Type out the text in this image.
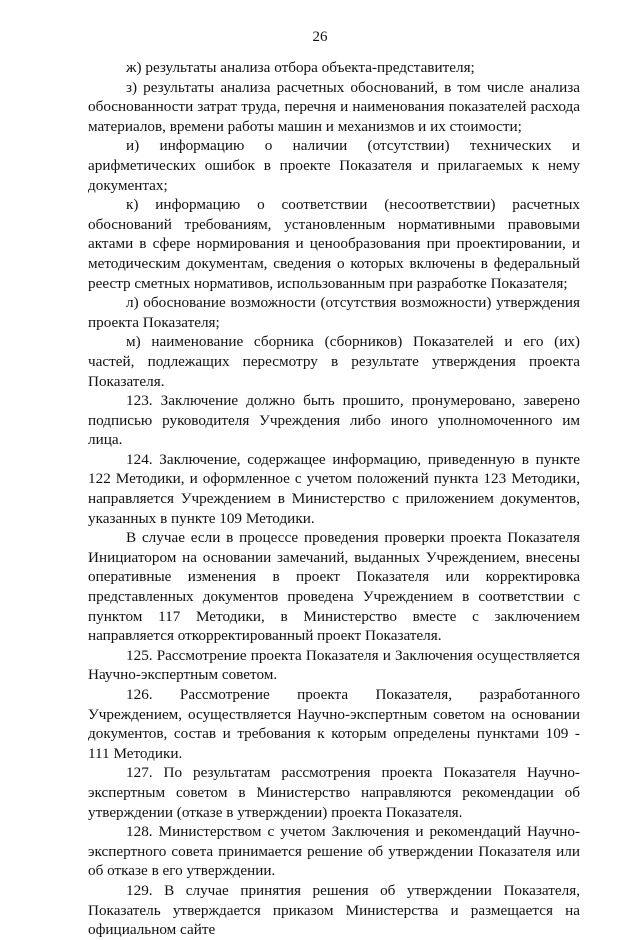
26

ж) результаты анализа отбора объекта-представителя;

з) результаты анализа расчетных обоснований, в том числе анализа обоснованности затрат труда, перечня и наименования показателей расхода материалов, времени работы машин и механизмов и их стоимости;

и) информацию о наличии (отсутствии) технических и арифметических ошибок в проекте Показателя и прилагаемых к нему документах;

к) информацию о соответствии (несоответствии) расчетных обоснований требованиям, установленным нормативными правовыми актами в сфере нормирования и ценообразования при проектировании, и методическим документам, сведения о которых включены в федеральный реестр сметных нормативов, использованным при разработке Показателя;

л) обоснование возможности (отсутствия возможности) утверждения проекта Показателя;

м) наименование сборника (сборников) Показателей и его (их) частей, подлежащих пересмотру в результате утверждения проекта Показателя.

123. Заключение должно быть прошито, пронумеровано, заверено подписью руководителя Учреждения либо иного уполномоченного им лица.

124. Заключение, содержащее информацию, приведенную в пункте 122 Методики, и оформленное с учетом положений пункта 123 Методики, направляется Учреждением в Министерство с приложением документов, указанных в пункте 109 Методики.

В случае если в процессе проведения проверки проекта Показателя Инициатором на основании замечаний, выданных Учреждением, внесены оперативные изменения в проект Показателя или корректировка представленных документов проведена Учреждением в соответствии с пунктом 117 Методики, в Министерство вместе с заключением направляется откорректированный проект Показателя.

125. Рассмотрение проекта Показателя и Заключения осуществляется Научно-экспертным советом.

126. Рассмотрение проекта Показателя, разработанного Учреждением, осуществляется Научно-экспертным советом на основании документов, состав и требования к которым определены пунктами 109 - 111 Методики.

127. По результатам рассмотрения проекта Показателя Научно-экспертным советом в Министерство направляются рекомендации об утверждении (отказе в утверждении) проекта Показателя.

128. Министерством с учетом Заключения и рекомендаций Научно-экспертного совета принимается решение об утверждении Показателя или об отказе в его утверждении.

129. В случае принятия решения об утверждении Показателя, Показатель утверждается приказом Министерства и размещается на официальном сайте
